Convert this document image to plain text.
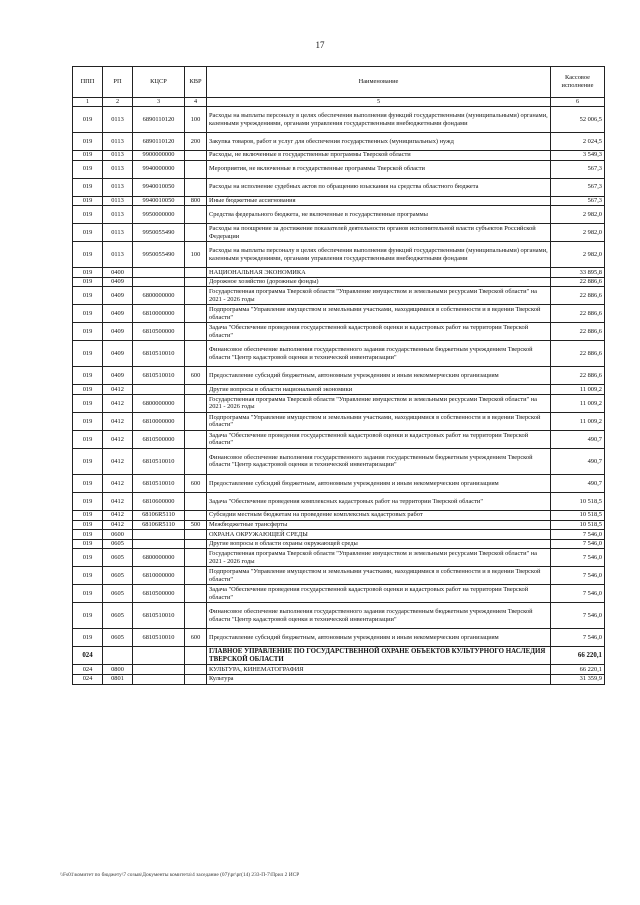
17
ППП	РП	КЦСР	КВР	Наименование	Кассовое исполнение
1	2	3	4	5	6
019	0113	6890110120	100	Расходы на выплаты персоналу в целях обеспечения выполнения функций государственными (муниципальными) органами, казенными учреждениями, органами управления государственными внебюджетными фондами	52 006,5
019	0113	6890110120	200	Закупка товаров, работ и услуг для обеспечения государственных (муниципальных) нужд	2 024,5
019	0113	9900000000		Расходы, не включенные в государственные программы Тверской области	3 549,3
019	0113	9940000000		Мероприятия, не включенные в государственные программы Тверской области	567,3
019	0113	9940010050		Расходы на исполнение судебных актов по обращению взыскания на средства областного бюджета	567,3
019	0113	9940010050	800	Иные бюджетные ассигнования	567,3
019	0113	9950000000		Средства федерального бюджета, не включенные в государственные программы	2 982,0
019	0113	9950055490		Расходы на поощрение за достижение показателей деятельности органов исполнительной власти субъектов Российской Федерации	2 982,0
019	0113	9950055490	100	Расходы на выплаты персоналу в целях обеспечения выполнения функций государственными (муниципальными) органами, казенными учреждениями, органами управления государственными внебюджетными фондами	2 982,0
019	0400			НАЦИОНАЛЬНАЯ ЭКОНОМИКА	33 895,8
019	0409			Дорожное хозяйство (дорожные фонды)	22 886,6
019	0409	6800000000		Государственная программа Тверской области "Управление имуществом и земельными ресурсами Тверской области" на 2021 - 2026 годы	22 886,6
019	0409	6810000000		Подпрограмма "Управление имуществом и земельными участками, находящимися в собственности и в ведении Тверской области"	22 886,6
019	0409	6810500000		Задача "Обеспечение проведения государственной кадастровой оценки и кадастровых работ на территории Тверской области"	22 886,6
019	0409	6810510010		Финансовое обеспечение выполнения государственного задания государственным бюджетным учреждением Тверской области "Центр кадастровой оценки и технической инвентаризации"	22 886,6
019	0409	6810510010	600	Предоставление субсидий бюджетным, автономным учреждениям и иным некоммерческим организациям	22 886,6
019	0412			Другие вопросы в области национальной экономики	11 009,2
019	0412	6800000000		Государственная программа Тверской области "Управление имуществом и земельными ресурсами Тверской области" на 2021 - 2026 годы	11 009,2
019	0412	6810000000		Подпрограмма "Управление имуществом и земельными участками, находящимися в собственности и в ведении Тверской области"	11 009,2
019	0412	6810500000		Задача "Обеспечение проведения государственной кадастровой оценки и кадастровых работ на территории Тверской области"	490,7
019	0412	6810510010		Финансовое обеспечение выполнения государственного задания государственным бюджетным учреждением Тверской области "Центр кадастровой оценки и технической инвентаризации"	490,7
019	0412	6810510010	600	Предоставление субсидий бюджетным, автономным учреждениям и иным некоммерческим организациям	490,7
019	0412	6810600000		Задача "Обеспечение проведения комплексных кадастровых работ на территории Тверской области"	10 518,5
019	0412	68106R5110		Субсидии местным бюджетам на проведение комплексных кадастровых работ	10 518,5
019	0412	68106R5110	500	Межбюджетные трансферты	10 518,5
019	0600			ОХРАНА ОКРУЖАЮЩЕЙ СРЕДЫ	7 546,0
019	0605			Другие вопросы в области охраны окружающей среды	7 546,0
019	0605	6800000000		Государственная программа Тверской области "Управление имуществом и земельными ресурсами Тверской области" на 2021 - 2026 годы	7 546,0
019	0605	6810000000		Подпрограмма "Управление имуществом и земельными участками, находящимися в собственности и в ведении Тверской области"	7 546,0
019	0605	6810500000		Задача "Обеспечение проведения государственной кадастровой оценки и кадастровых работ на территории Тверской области"	7 546,0
019	0605	6810510010		Финансовое обеспечение выполнения государственного задания государственным бюджетным учреждением Тверской области "Центр кадастровой оценки и технической инвентаризации"	7 546,0
019	0605	6810510010	600	Предоставление субсидий бюджетным, автономным учреждениям и иным некоммерческим организациям	7 546,0
024				ГЛАВНОЕ УПРАВЛЕНИЕ ПО ГОСУДАРСТВЕННОЙ ОХРАНЕ ОБЪЕКТОВ КУЛЬТУРНОГО НАСЛЕДИЯ ТВЕРСКОЙ ОБЛАСТИ	66 220,1
024	0800			КУЛЬТУРА, КИНЕМАТОГРАФИЯ	66 220,1
024	0801			Культура	31 359,9
\\Fs01\комитет по бюджету\7 созыв\Документы комитета\4 заседание (07)\pr\pr(14) 233-П-7\Прил 2 ИСР
